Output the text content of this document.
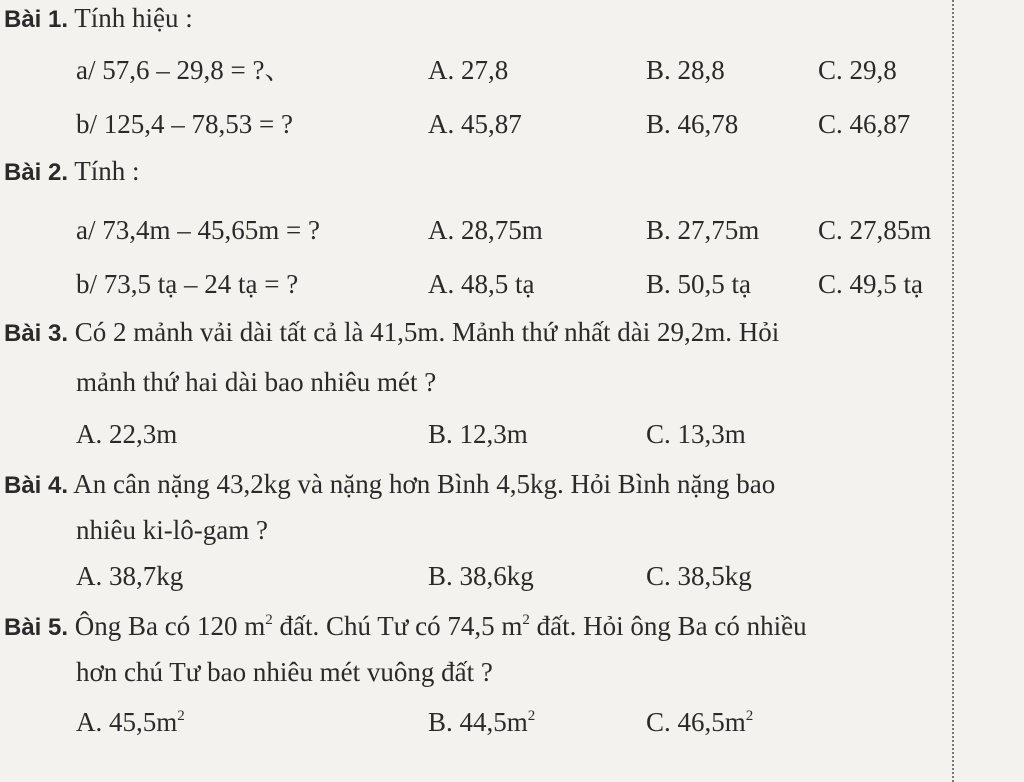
Bài 1. Tính hiệu :
a/ 57,6 – 29,8 = ?、	A. 27,8	B. 28,8	C. 29,8
b/ 125,4 – 78,53 = ?	A. 45,87	B. 46,78	C. 46,87
Bài 2. Tính :
a/ 73,4m – 45,65m = ?	A. 28,75m	B. 27,75m C. 27,85m
b/ 73,5 tạ – 24 tạ = ?	A. 48,5 tạ	B. 50,5 tạ C. 49,5 tạ
Bài 3. Có 2 mảnh vải dài tất cả là 41,5m. Mảnh thứ nhất dài 29,2m. Hỏi
mảnh thứ hai dài bao nhiêu mét ?
A. 22,3m	B. 12,3m	C. 13,3m
Bài 4. An cân nặng 43,2kg và nặng hơn Bình 4,5kg. Hỏi Bình nặng bao
nhiêu ki-lô-gam ?
A. 38,7kg	B. 38,6kg	C. 38,5kg
Bài 5. Ông Ba có 120 $m^2$ đất. Chú Tư có 74,5 $m^2$ đất. Hỏi ông Ba có nhiều
hơn chú Tư bao nhiêu mét vuông đất ?
A. $45,5m^2$	B. $44,5m^2$	C. $46,5m^2$
